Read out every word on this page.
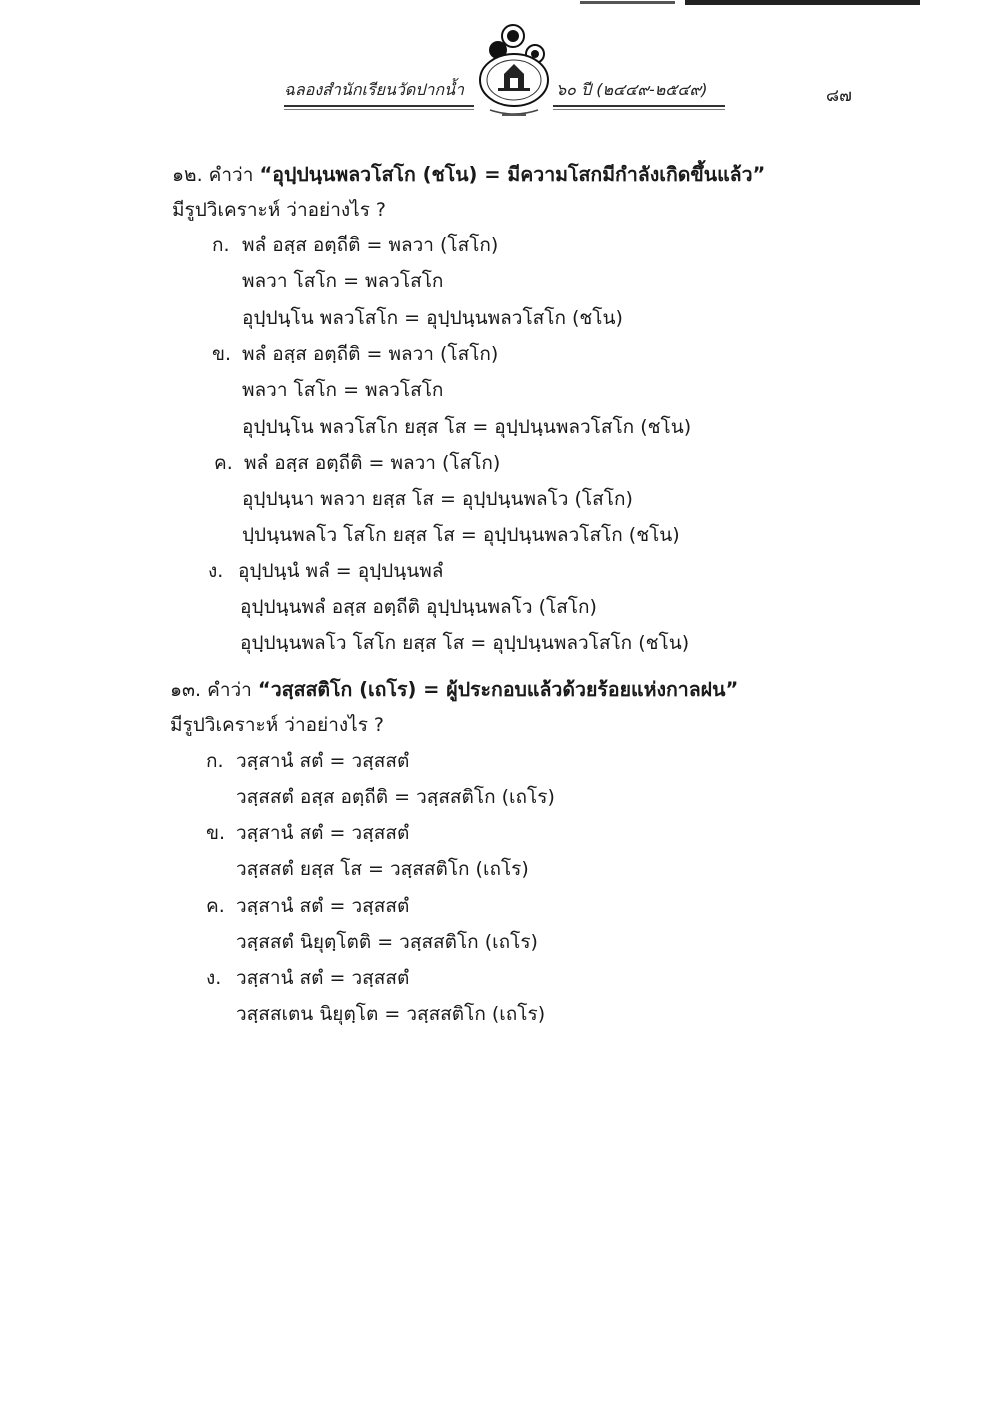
ฉลองสำนักเรียนวัดปากน้ำ	๖๐ ปี (๒๔๔๙-๒๕๔๙)	๘๗
๑๒. คำว่า “อุปฺปนฺนพลวโสโก (ชโน) = มีความโสกมีกำลังเกิดขึ้นแล้ว”
มีรูปวิเคราะห์ ว่าอย่างไร ?
ก. พลํ อสฺส อตฺถีติ = พลวา (โสโก)
พลวา โสโก = พลวโสโก
อุปฺปนฺโน พลวโสโก = อุปฺปนฺนพลวโสโก (ชโน)
ข. พลํ อสฺส อตฺถีติ = พลวา (โสโก)
พลวา โสโก = พลวโสโก
อุปฺปนฺโน พลวโสโก ยสฺส โส = อุปฺปนฺนพลวโสโก (ชโน)
ค. พลํ อสฺส อตฺถีติ = พลวา (โสโก)
อุปฺปนฺนา พลวา ยสฺส โส = อุปฺปนฺนพลโว (โสโก)
ปฺปนฺนพลโว โสโก ยสฺส โส = อุปฺปนฺนพลวโสโก (ชโน)
ง. อุปฺปนฺนํ พลํ = อุปฺปนฺนพลํ
อุปฺปนฺนพลํ อสฺส อตฺถีติ อุปฺปนฺนพลโว (โสโก)
อุปฺปนฺนพลโว โสโก ยสฺส โส = อุปฺปนฺนพลวโสโก (ชโน)
๑๓. คำว่า “วสฺสสติโก (เถโร) = ผู้ประกอบแล้วด้วยร้อยแห่งกาลฝน”
มีรูปวิเคราะห์ ว่าอย่างไร ?
ก. วสฺสานํ สตํ = วสฺสสตํ
วสฺสสตํ อสฺส อตฺถีติ = วสฺสสติโก (เถโร)
ข. วสฺสานํ สตํ = วสฺสสตํ
วสฺสสตํ ยสฺส โส = วสฺสสติโก (เถโร)
ค. วสฺสานํ สตํ = วสฺสสตํ
วสฺสสตํ นิยุตฺโตติ = วสฺสสติโก (เถโร)
ง. วสฺสานํ สตํ = วสฺสสตํ
วสฺสสเตน นิยุตฺโต = วสฺสสติโก (เถโร)
